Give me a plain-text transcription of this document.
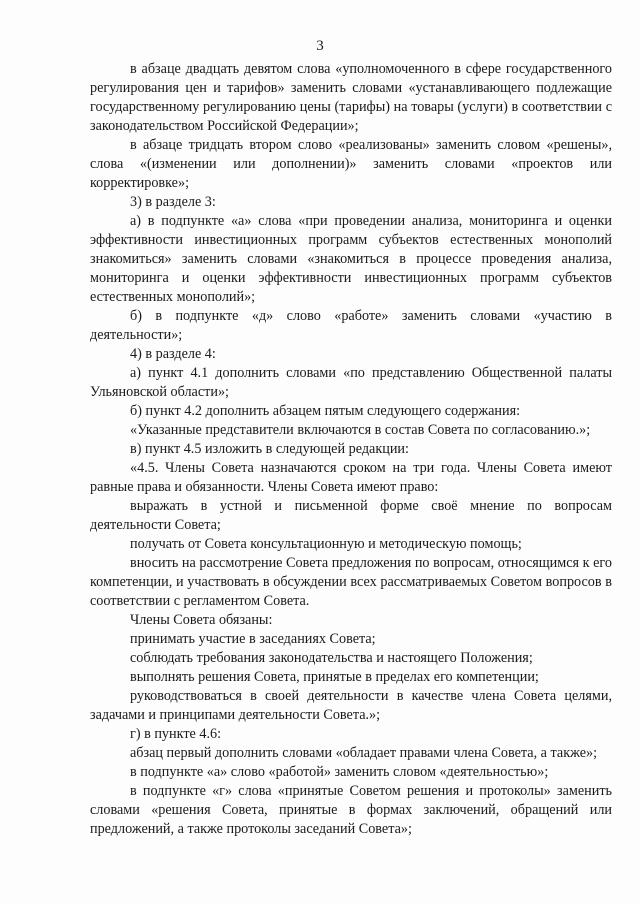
3

в абзаце двадцать девятом слова «уполномоченного в сфере государственного регулирования цен и тарифов» заменить словами «устанавливающего подлежащие государственному регулированию цены (тарифы) на товары (услуги) в соответствии с законодательством Российской Федерации»;

в абзаце тридцать втором слово «реализованы» заменить словом «решены», слова «(изменении или дополнении)» заменить словами «проектов или корректировке»;

3) в разделе 3:

а) в подпункте «а» слова «при проведении анализа, мониторинга и оценки эффективности инвестиционных программ субъектов естественных монополий знакомиться» заменить словами «знакомиться в процессе проведения анализа, мониторинга и оценки эффективности инвестиционных программ субъектов естественных монополий»;

б) в подпункте «д» слово «работе» заменить словами «участию в деятельности»;

4) в разделе 4:

а) пункт 4.1 дополнить словами «по представлению Общественной палаты Ульяновской области»;

б) пункт 4.2 дополнить абзацем пятым следующего содержания:

«Указанные представители включаются в состав Совета по согласованию.»;

в) пункт 4.5 изложить в следующей редакции:

«4.5. Члены Совета назначаются сроком на три года. Члены Совета имеют равные права и обязанности. Члены Совета имеют право:

выражать в устной и письменной форме своё мнение по вопросам деятельности Совета;

получать от Совета консультационную и методическую помощь;

вносить на рассмотрение Совета предложения по вопросам, относящимся к его компетенции, и участвовать в обсуждении всех рассматриваемых Советом вопросов в соответствии с регламентом Совета.

Члены Совета обязаны:

принимать участие в заседаниях Совета;

соблюдать требования законодательства и настоящего Положения;

выполнять решения Совета, принятые в пределах его компетенции;

руководствоваться в своей деятельности в качестве члена Совета целями, задачами и принципами деятельности Совета.»;

г) в пункте 4.6:

абзац первый дополнить словами «обладает правами члена Совета, а также»;

в подпункте «а» слово «работой» заменить словом «деятельностью»;

в подпункте «г» слова «принятые Советом решения и протоколы» заменить словами «решения Совета, принятые в формах заключений, обращений или предложений, а также протоколы заседаний Совета»;
